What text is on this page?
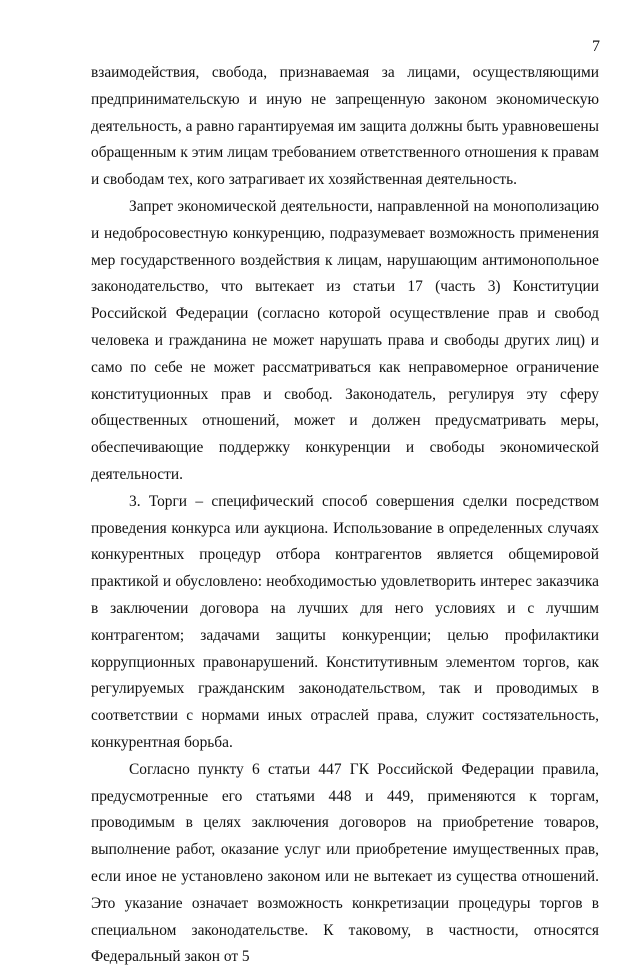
7

взаимодействия, свобода, признаваемая за лицами, осуществляющими предпринимательскую и иную не запрещенную законом экономическую деятельность, а равно гарантируемая им защита должны быть уравновешены обращенным к этим лицам требованием ответственного отношения к правам и свободам тех, кого затрагивает их хозяйственная деятельность.

Запрет экономической деятельности, направленной на монополизацию и недобросовестную конкуренцию, подразумевает возможность применения мер государственного воздействия к лицам, нарушающим антимонопольное законодательство, что вытекает из статьи 17 (часть 3) Конституции Российской Федерации (согласно которой осуществление прав и свобод человека и гражданина не может нарушать права и свободы других лиц) и само по себе не может рассматриваться как неправомерное ограничение конституционных прав и свобод. Законодатель, регулируя эту сферу общественных отношений, может и должен предусматривать меры, обеспечивающие поддержку конкуренции и свободы экономической деятельности.

3. Торги – специфический способ совершения сделки посредством проведения конкурса или аукциона. Использование в определенных случаях конкурентных процедур отбора контрагентов является общемировой практикой и обусловлено: необходимостью удовлетворить интерес заказчика в заключении договора на лучших для него условиях и с лучшим контрагентом; задачами защиты конкуренции; целью профилактики коррупционных правонарушений. Конститутивным элементом торгов, как регулируемых гражданским законодательством, так и проводимых в соответствии с нормами иных отраслей права, служит состязательность, конкурентная борьба.

Согласно пункту 6 статьи 447 ГК Российской Федерации правила, предусмотренные его статьями 448 и 449, применяются к торгам, проводимым в целях заключения договоров на приобретение товаров, выполнение работ, оказание услуг или приобретение имущественных прав, если иное не установлено законом или не вытекает из существа отношений. Это указание означает возможность конкретизации процедуры торгов в специальном законодательстве. К таковому, в частности, относятся Федеральный закон от 5
